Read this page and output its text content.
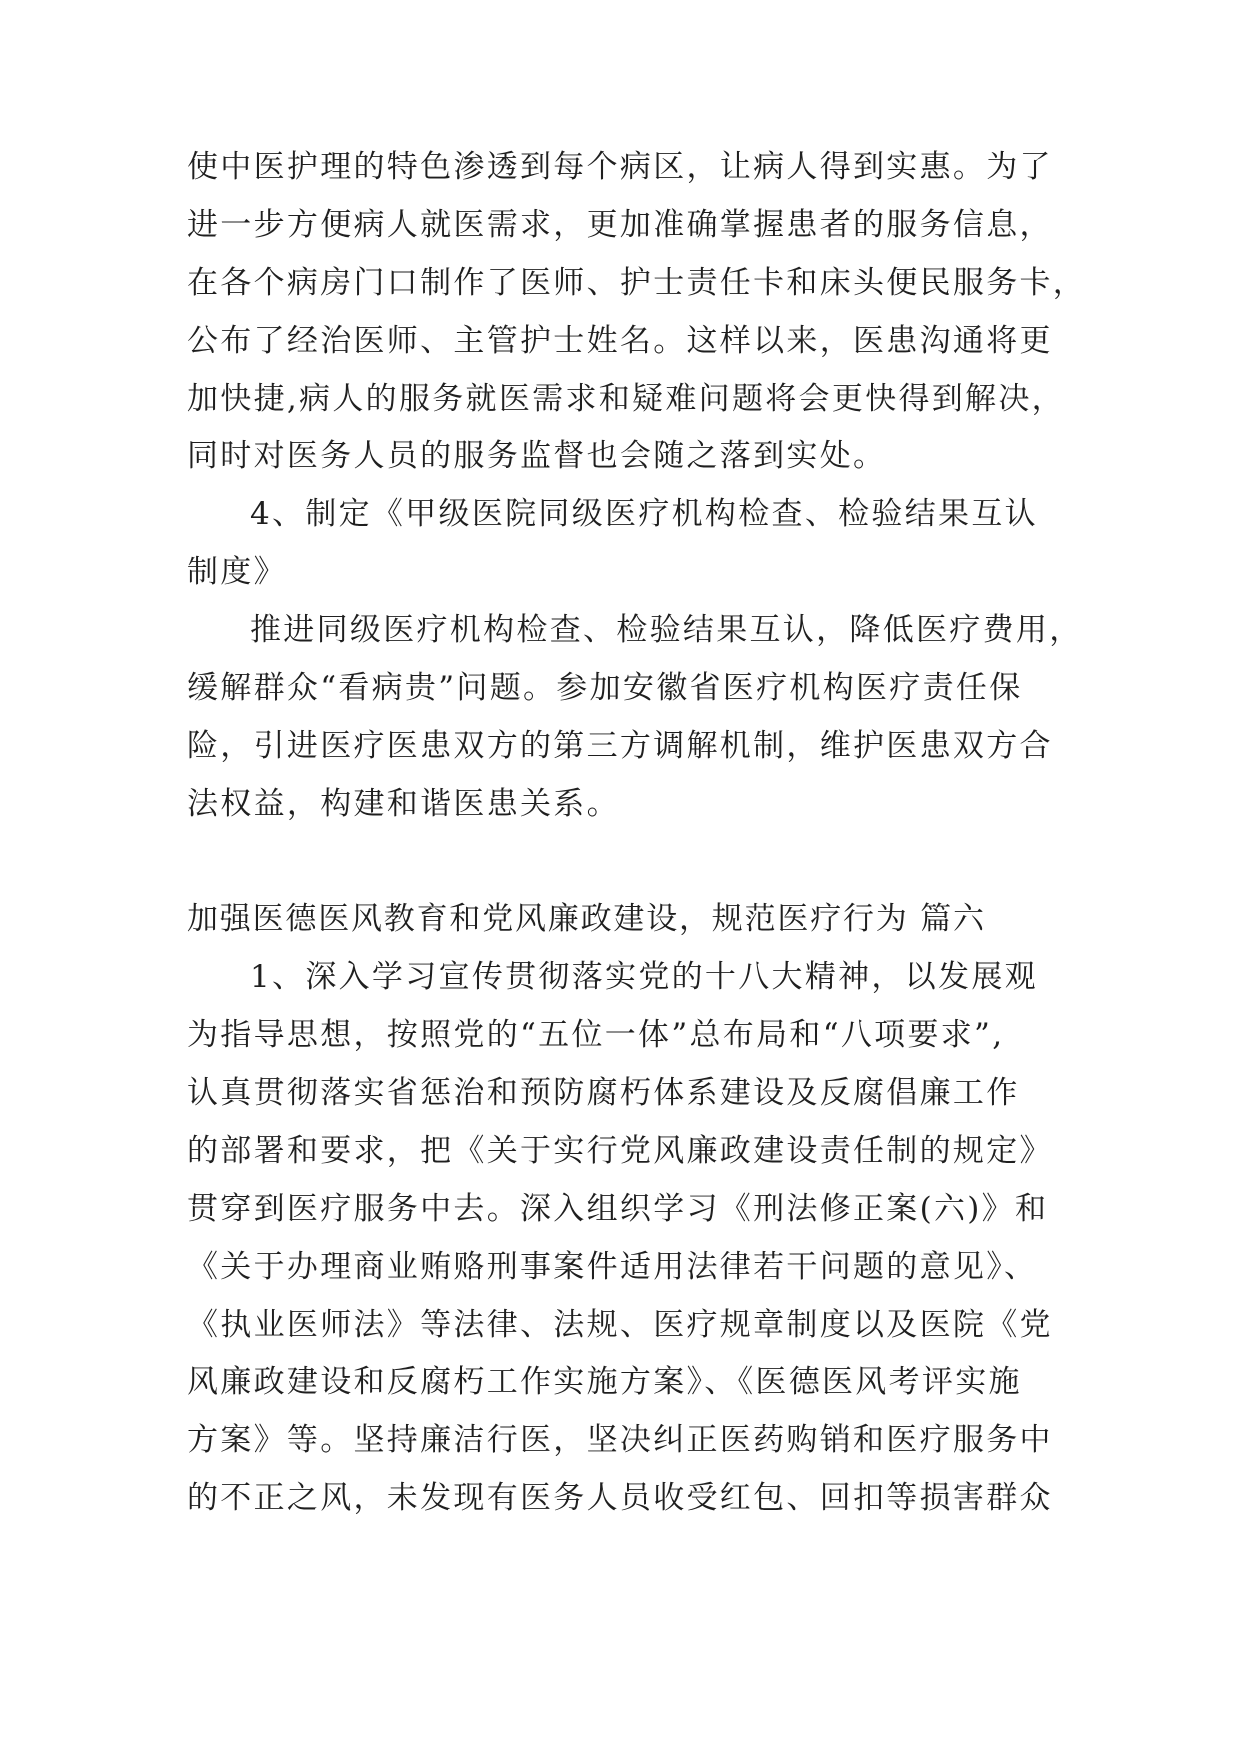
使中医护理的特色渗透到每个病区，让病人得到实惠。为了
进一步方便病人就医需求，更加准确掌握患者的服务信息，
在各个病房门口制作了医师、护士责任卡和床头便民服务卡，
公布了经治医师、主管护士姓名。这样以来，医患沟通将更
加快捷,病人的服务就医需求和疑难问题将会更快得到解决，
同时对医务人员的服务监督也会随之落到实处。
4、制定《甲级医院同级医疗机构检查、检验结果互认
制度》
推进同级医疗机构检查、检验结果互认，降低医疗费用，
缓解群众“看病贵”问题。参加安徽省医疗机构医疗责任保
险，引进医疗医患双方的第三方调解机制，维护医患双方合
法权益，构建和谐医患关系。
加强医德医风教育和党风廉政建设，规范医疗行为 篇六
1、深入学习宣传贯彻落实党的十八大精神，以发展观
为指导思想，按照党的“五位一体”总布局和“八项要求”,
认真贯彻落实省惩治和预防腐朽体系建设及反腐倡廉工作
的部署和要求，把《关于实行党风廉政建设责任制的规定》
贯穿到医疗服务中去。深入组织学习《刑法修正案(六)》和
《关于办理商业贿赂刑事案件适用法律若干问题的意见》、
《执业医师法》等法律、法规、医疗规章制度以及医院《党
风廉政建设和反腐朽工作实施方案》、《医德医风考评实施
方案》等。坚持廉洁行医，坚决纠正医药购销和医疗服务中
的不正之风，未发现有医务人员收受红包、回扣等损害群众
